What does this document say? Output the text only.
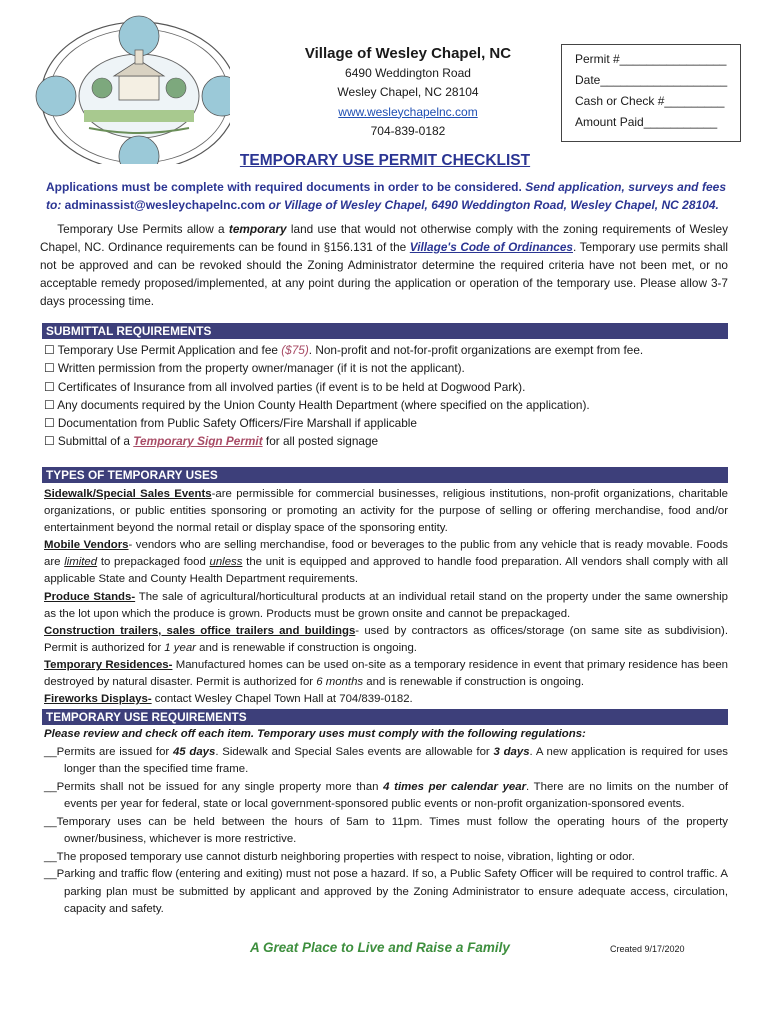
Village of Wesley Chapel, NC
6490 Weddington Road
Wesley Chapel, NC 28104
www.wesleychapelnc.com
704-839-0182
Permit #________________
Date___________________
Cash or Check #_________
Amount Paid___________
TEMPORARY USE PERMIT CHECKLIST
Applications must be complete with required documents in order to be considered. Send application, surveys and fees to: adminassist@wesleychapelnc.com or Village of Wesley Chapel, 6490 Weddington Road, Wesley Chapel, NC 28104.
Temporary Use Permits allow a temporary land use that would not otherwise comply with the zoning requirements of Wesley Chapel, NC. Ordinance requirements can be found in §156.131 of the Village's Code of Ordinances. Temporary use permits shall not be approved and can be revoked should the Zoning Administrator determine the required criteria have not been met, or no acceptable remedy proposed/implemented, at any point during the application or operation of the temporary use. Please allow 3-7 days processing time.
SUBMITTAL REQUIREMENTS
☐ Temporary Use Permit Application and fee ($75). Non-profit and not-for-profit organizations are exempt from fee.
☐ Written permission from the property owner/manager (if it is not the applicant).
☐ Certificates of Insurance from all involved parties (if event is to be held at Dogwood Park).
☐ Any documents required by the Union County Health Department (where specified on the application).
☐ Documentation from Public Safety Officers/Fire Marshall if applicable
☐ Submittal of a Temporary Sign Permit for all posted signage
TYPES OF TEMPORARY USES
Sidewalk/Special Sales Events-are permissible for commercial businesses, religious institutions, non-profit organizations, charitable organizations, or public entities sponsoring or promoting an activity for the purpose of selling or offering merchandise, food and/or entertainment beyond the normal retail or display space of the sponsoring entity.
Mobile Vendors- vendors who are selling merchandise, food or beverages to the public from any vehicle that is ready movable. Foods are limited to prepackaged food unless the unit is equipped and approved to handle food preparation. All vendors shall comply with all applicable State and County Health Department requirements.
Produce Stands- The sale of agricultural/horticultural products at an individual retail stand on the property under the same ownership as the lot upon which the produce is grown. Products must be grown onsite and cannot be prepackaged.
Construction trailers, sales office trailers and buildings- used by contractors as offices/storage (on same site as subdivision). Permit is authorized for 1 year and is renewable if construction is ongoing.
Temporary Residences- Manufactured homes can be used on-site as a temporary residence in event that primary residence has been destroyed by natural disaster. Permit is authorized for 6 months and is renewable if construction is ongoing.
Fireworks Displays- contact Wesley Chapel Town Hall at 704/839-0182.
TEMPORARY USE REQUIREMENTS
Please review and check off each item. Temporary uses must comply with the following regulations:
__Permits are issued for 45 days. Sidewalk and Special Sales events are allowable for 3 days. A new application is required for uses longer than the specified time frame.
__Permits shall not be issued for any single property more than 4 times per calendar year. There are no limits on the number of events per year for federal, state or local government-sponsored public events or non-profit organization-sponsored events.
__Temporary uses can be held between the hours of 5am to 11pm. Times must follow the operating hours of the property owner/business, whichever is more restrictive.
__The proposed temporary use cannot disturb neighboring properties with respect to noise, vibration, lighting or odor.
__Parking and traffic flow (entering and exiting) must not pose a hazard. If so, a Public Safety Officer will be required to control traffic. A parking plan must be submitted by applicant and approved by the Zoning Administrator to ensure adequate access, circulation, capacity and safety.
A Great Place to Live and Raise a Family	Created 9/17/2020
